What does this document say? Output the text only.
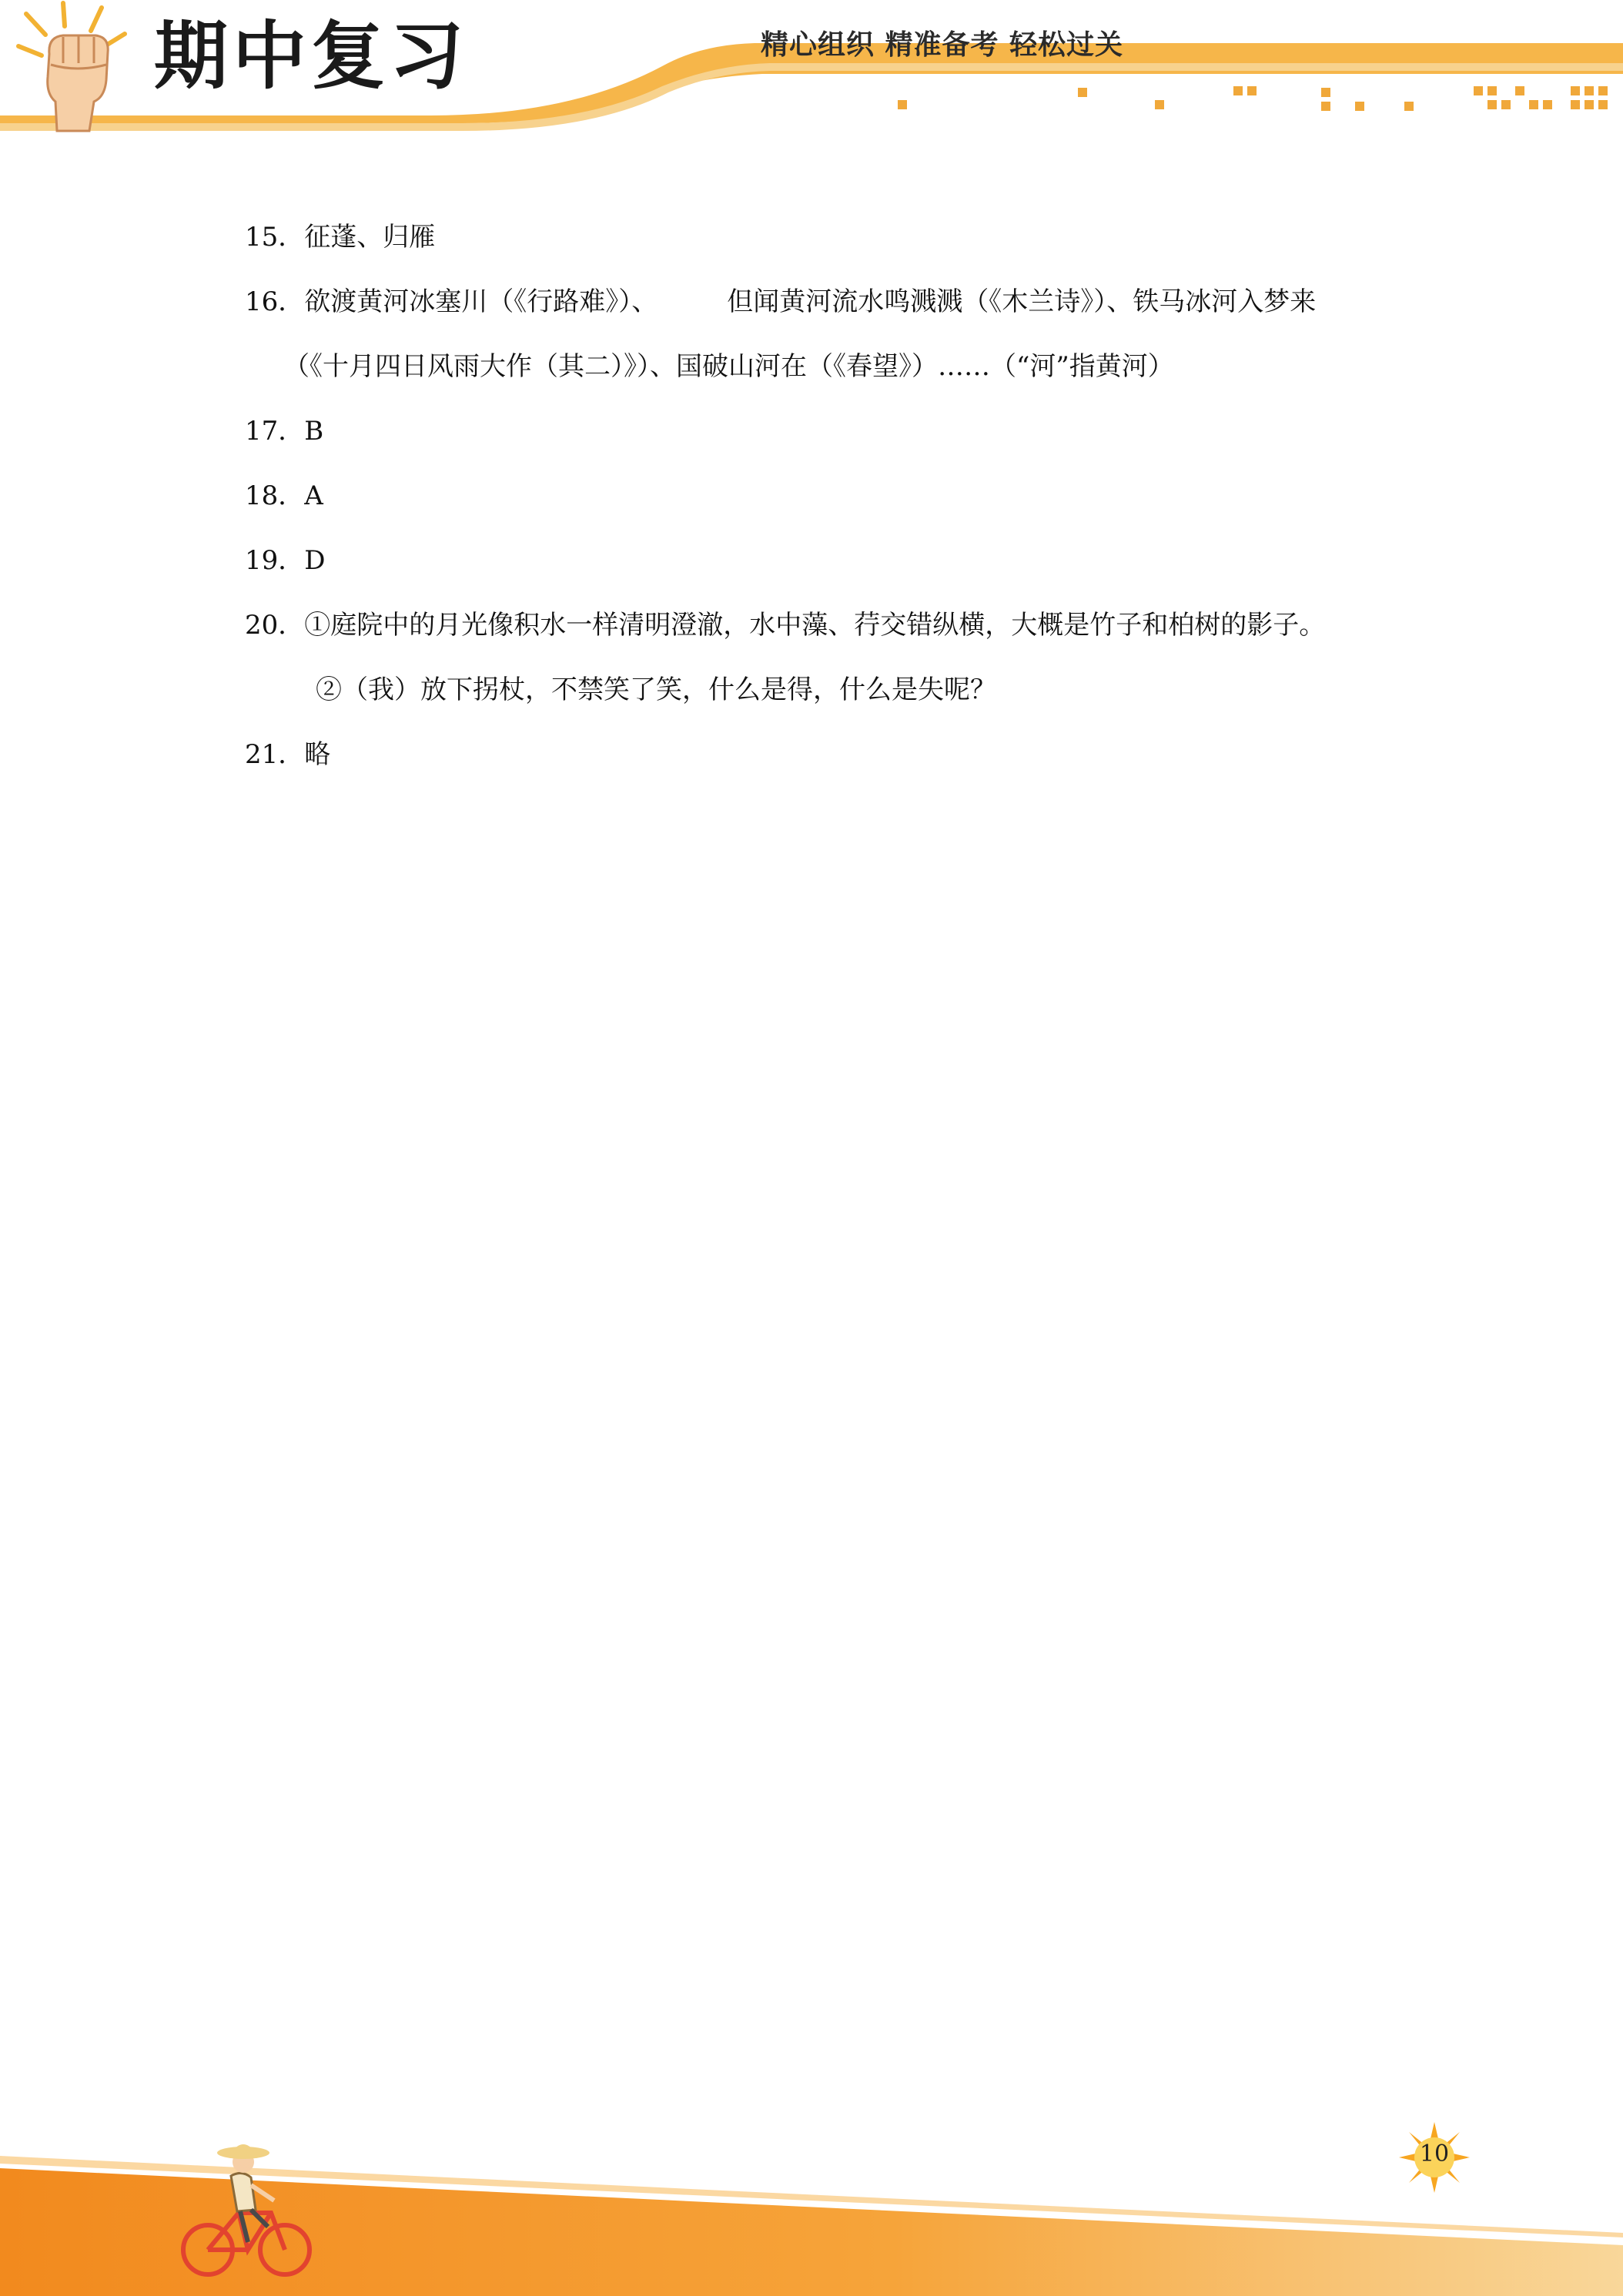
期中复习	精心组织 精准备考 轻松过关
15．征蓬、归雁
16．欲渡黄河冰塞川（《行路难》）、	但闻黄河流水鸣溅溅（《木兰诗》）、铁马冰河入梦来
（《十月四日风雨大作（其二）》）、国破山河在（《春望》）……（“河”指黄河）
17．B
18．A
19．D
20．①庭院中的月光像积水一样清明澄澈，水中藻、荇交错纵横，大概是竹子和柏树的影子。
②（我）放下拐杖，不禁笑了笑，什么是得，什么是失呢？
21．略
10
